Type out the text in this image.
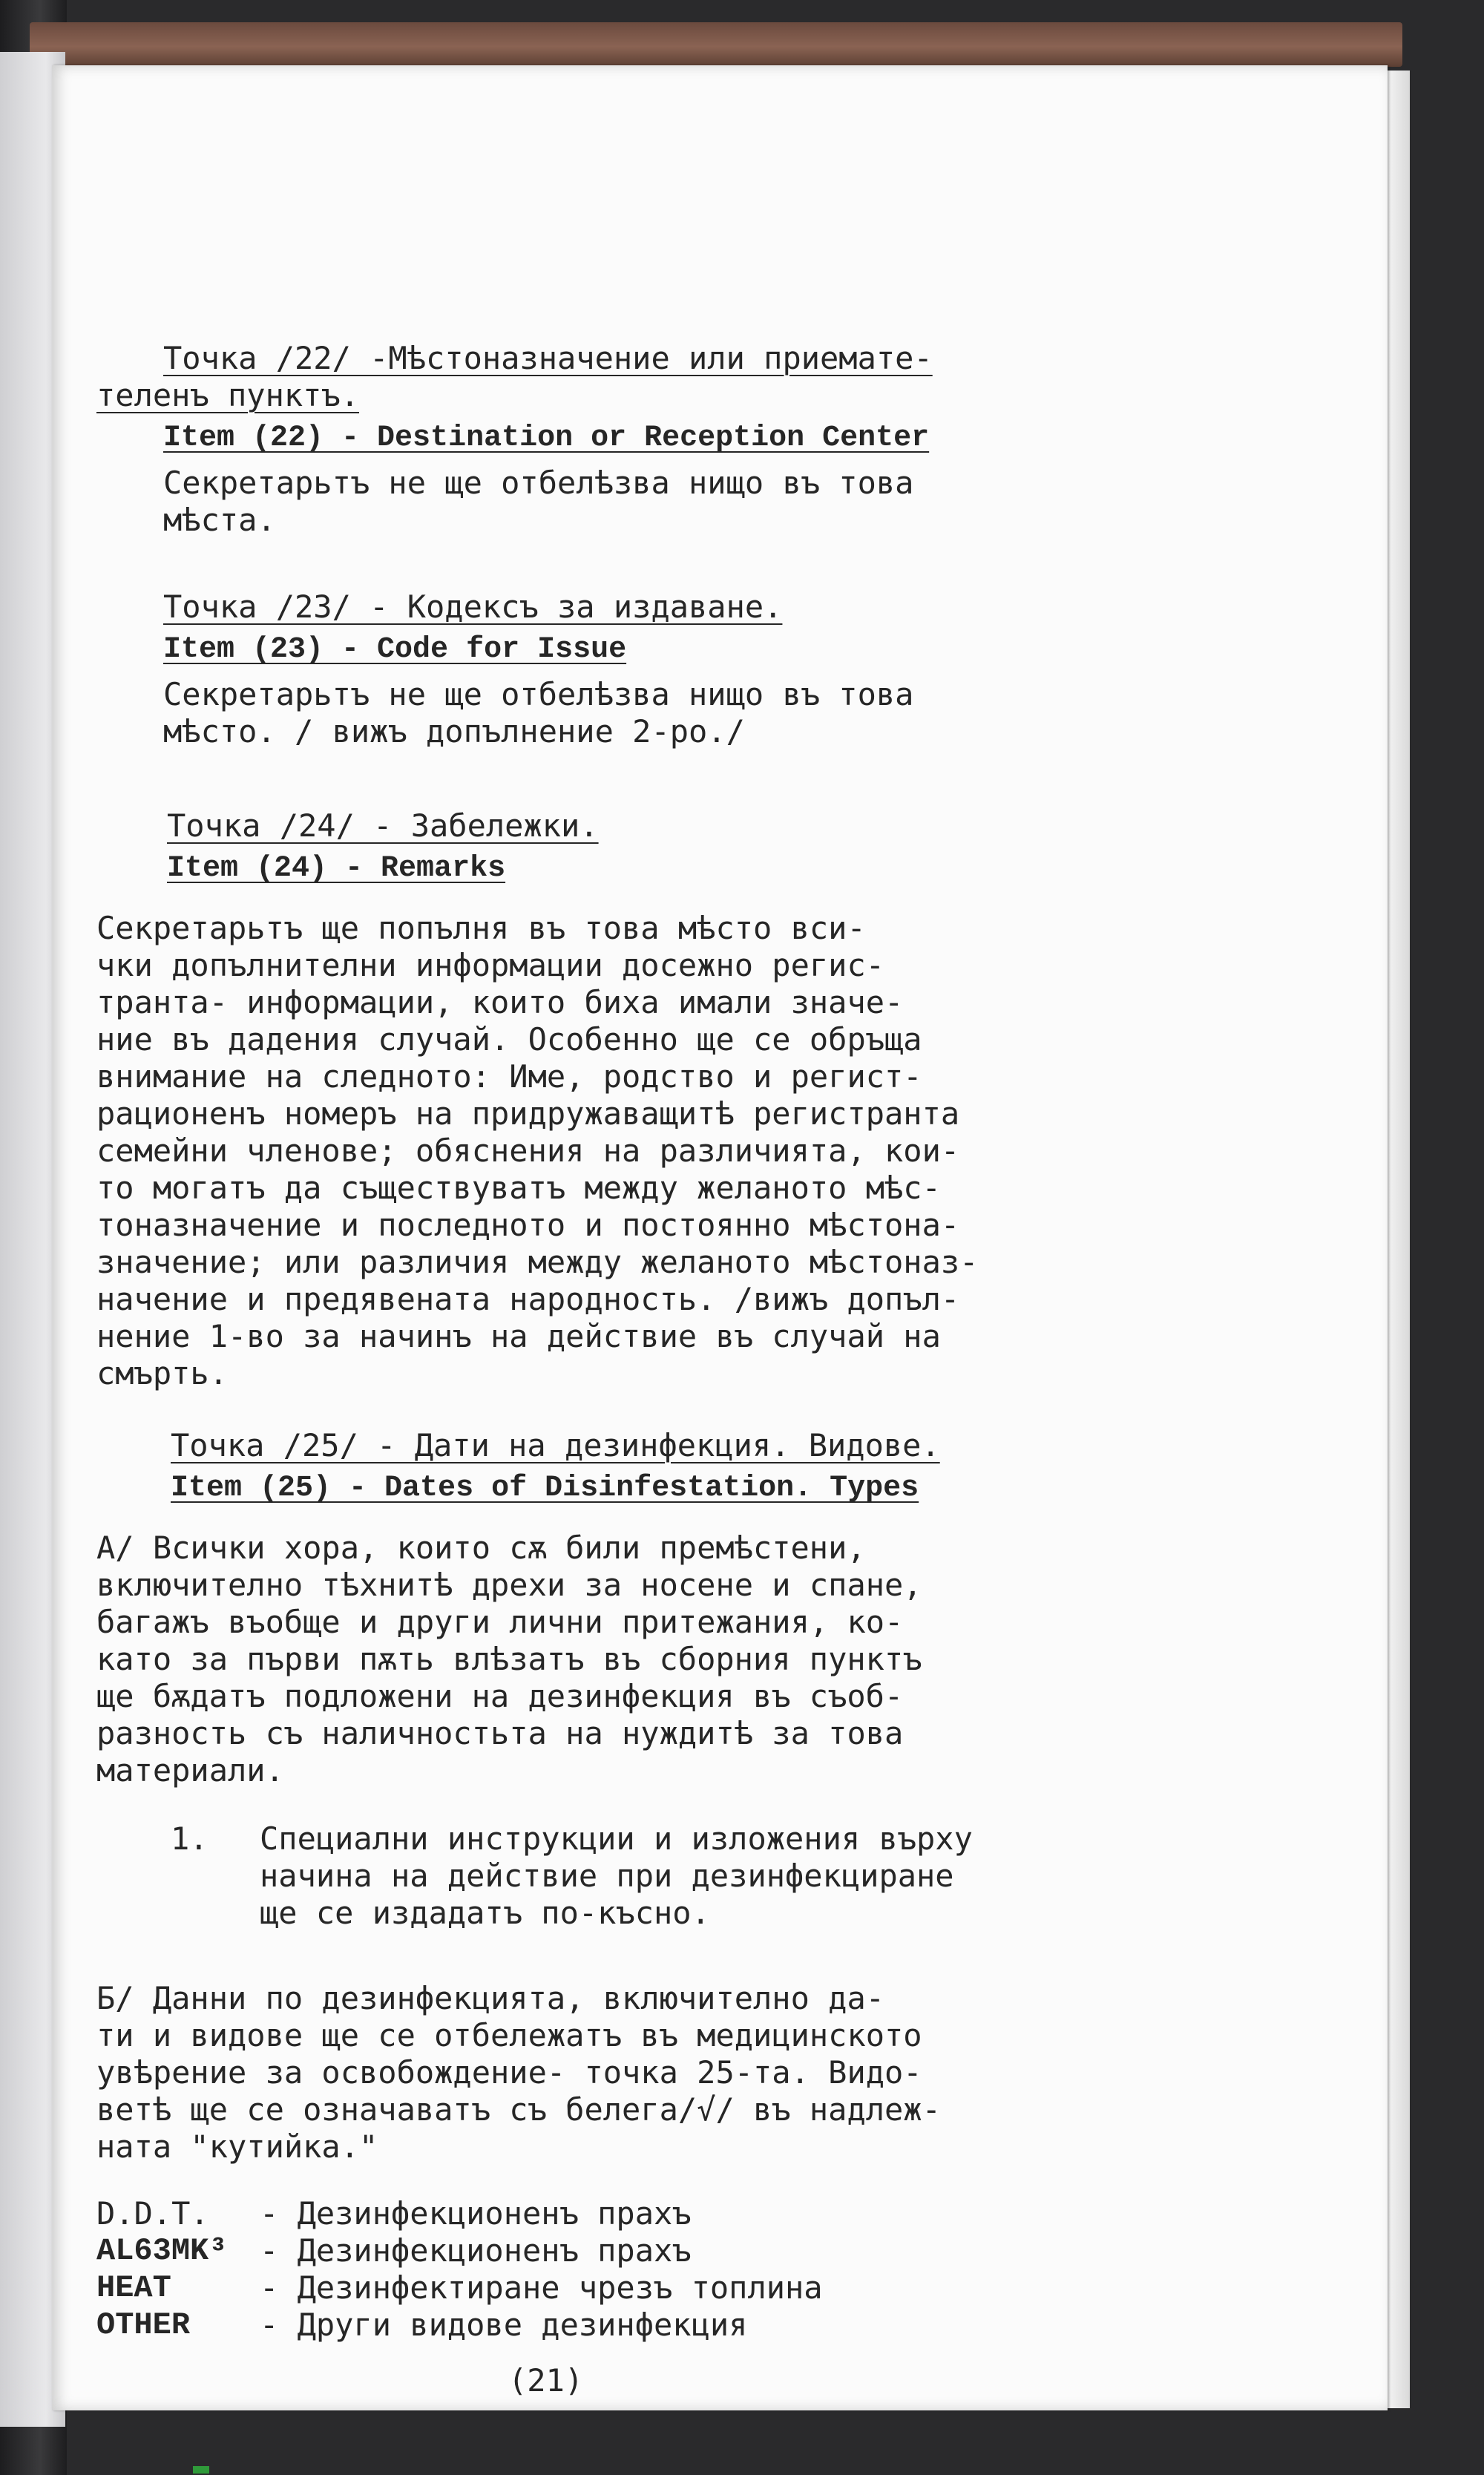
Точка /22/ -Мѣстоназначение или приемате-
теленъ пунктъ.
Item (22) - Destination or Reception Center

Секретарьтъ не ще отбелѣзва нищо въ това
мѣста.

Точка /23/ - Кодексъ за издаване.
Item (23) - Code for Issue

Секретарьтъ не ще отбелѣзва нищо въ това
мѣсто. / вижъ допълнение 2-ро./

Точка /24/ - Забележки.
Item (24) - Remarks

Секретарьтъ ще попълня въ това мѣсто вси-
чки допълнителни информации досежно регис-
транта- информации, които биха имали значе-
ние въ дадения случай. Особенно ще се обръща
внимание на следното: Име, родство и регист-
рационенъ номеръ на придружаващитѣ регистранта
семейни членове; обяснения на различията, кои-
то могатъ да съществуватъ между желаното мѣс-
тоназначение и последното и постоянно мѣстона-
значение; или различия между желаното мѣстоназ-
начение и предявената народность. /вижъ допъл-
нение 1-во за начинъ на действие въ случай на
смърть.

Точка /25/ - Дати на дезинфекция. Видове.
Item (25) - Dates of Disinfestation. Types

А/ Всички хора, които сѫ били премѣстени,
включително тѣхнитѣ дрехи за носене и спане,
багажъ въобще и други лични притежания, ко-
като за първи пѫть влѣзатъ въ сборния пунктъ
ще бѫдатъ подложени на дезинфекция въ съоб-
разность съ наличностьта на нуждитѣ за това
материали.

1.	Специални инструкции и изложения върху
начина на действие при дезинфекциране
ще се издадатъ по-късно.

Б/ Данни по дезинфекцията, включително да-
ти и видове ще се отбележатъ въ медицинското
увѣрение за освобождение- точка 25-та. Видо-
ветѣ ще се означаватъ съ белега/√/ въ надлеж-
ната "кутийка."

D.D.T.	- Дезинфекционенъ прахъ
AL63MK³	- Дезинфекционенъ прахъ
HEAT	- Дезинфектиране чрезъ топлина
OTHER	- Други видове дезинфекция
(21)
